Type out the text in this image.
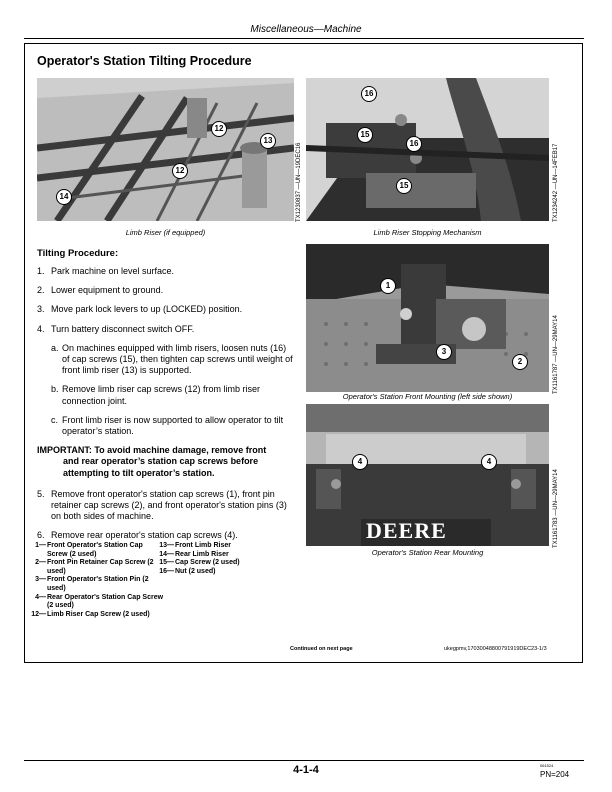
Miscellaneous—Machine
Operator's Station Tilting Procedure
12
13
12
14
Limb Riser (if equipped)
TX1230837 —UN—19DEC16
16
15
16
15
Limb Riser Stopping Mechanism
TX1234242 —UN—14FEB17
1
3
2
Operator's Station Front Mounting (left side shown)
TX1161787 —UN—29MAY14
DEERE
4	4
Operator's Station Rear Mounting
TX1161783 —UN—29MAY14
Tilting Procedure:
1. Park machine on level surface.
2. Lower equipment to ground.
3. Move park lock levers to up (LOCKED) position.
4. Turn battery disconnect switch OFF.
a. On machines equipped with limb risers, loosen nuts (16) of cap screws (15), then tighten cap screws until weight of front limb riser (13) is supported.
b. Remove limb riser cap screws (12) from limb riser connection joint.
c. Front limb riser is now supported to allow operator to tilt operator’s station.
IMPORTANT: To avoid machine damage, remove front
and rear operator’s station cap screws before attempting to tilt operator’s station.
5. Remove front operator's station cap screws (1), front pin retainer cap screws (2), and front operator's station pins (3) on both sides of machine.
6. Remove rear operator's station cap screws (4).
1— Front Operator's Station Cap Screw (2 used)
2— Front Pin Retainer Cap Screw (2 used)
3— Front Operator's Station Pin (2 used)
4— Rear Operator's Station Cap Screw (2 used)
12— Limb Riser Cap Screw (2 used)
13— Front Limb Riser
14— Rear Limb Riser
15— Cap Screw (2 used)
16— Nut (2 used)
Continued on next page	ukegpmv,17030048800791919DEC23-1/3
4-1-4	061524
PN=204
